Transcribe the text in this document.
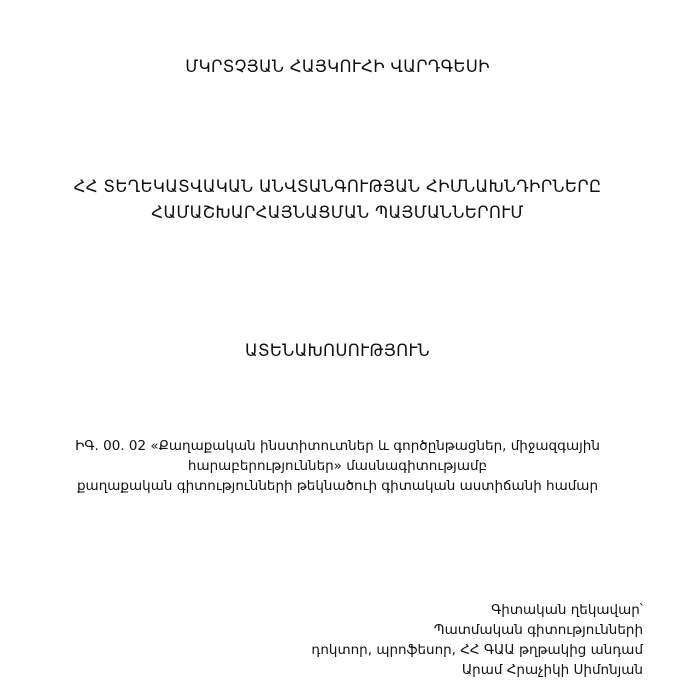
ՄԿՐՏՉՅԱՆ ՀԱՅԿՈՒՀԻ ՎԱՐԴԳԵՍԻ
ՀՀ ՏԵՂԵԿԱՏՎԱԿԱՆ ԱՆՎՏԱՆԳՈՒԹՅԱՆ ՀԻՄՆԱԽՆԴԻՐՆԵՐԸ
ՀԱՄԱՇԽԱՐՀԱՅՆԱՑՄԱՆ ՊԱՅՄԱՆՆԵՐՈՒՄ
ԱՏԵՆԱԽՈՍՈՒԹՅՈՒՆ
ԻԳ. 00. 02 «Քաղաքական ինստիտուտներ և գործընթացներ, միջազգային
հարաբերություններ» մասնագիտությամբ
քաղաքական գիտությունների թեկնածուի գիտական աստիճանի համար
Գիտական ղեկավար՝
Պատմական գիտությունների
դոկտոր, պրոֆեսոր, ՀՀ ԳԱԱ թղթակից անդամ
Արամ Հրաչիկի Սիմոնյան
